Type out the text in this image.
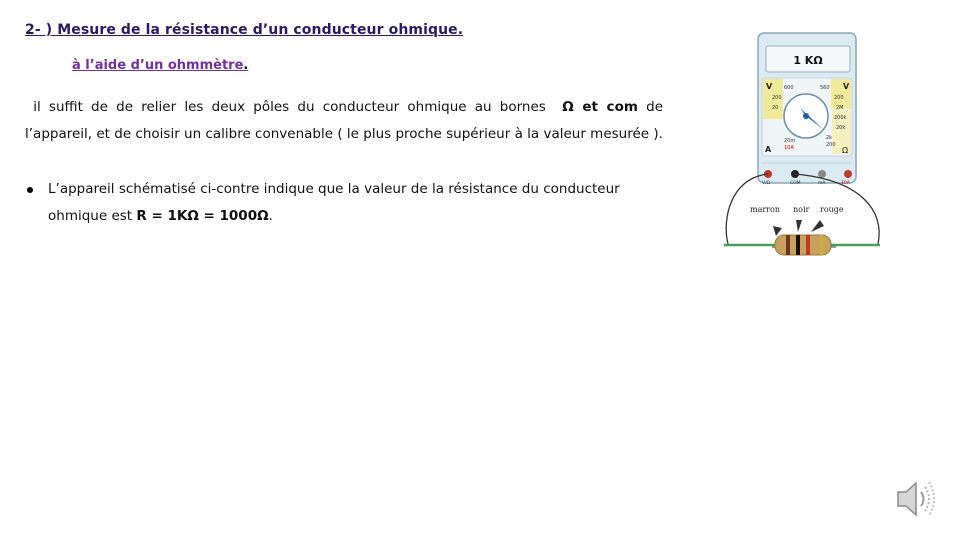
2- ) Mesure de la résistance d’un conducteur ohmique.
à l’aide d’un ohmmètre.
il suffit de de relier les deux pôles du conducteur ohmique au bornes Ω et com de l’appareil, et de choisir un calibre convenable ( le plus proche supérieur à la valeur mesurée ).
L’appareil schématisé ci-contre indique que la valeur de la résistance du conducteur ohmique est R = 1KΩ = 1000Ω.
1 KΩ
V	V
A	Ω
600
200
20
560
200
2M
200k
20k
2k
200
20m
10A
V/Ω	COM	mA	10A
marron noir rouge
